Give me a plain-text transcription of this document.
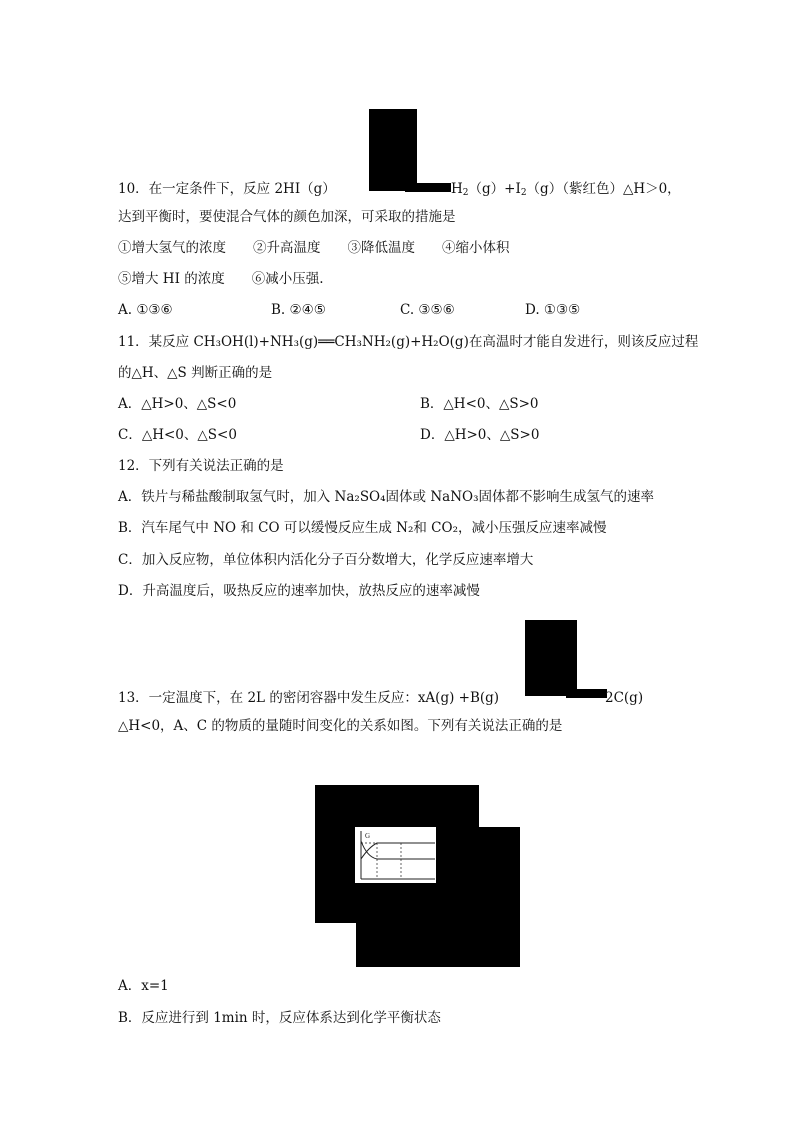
10．在一定条件下，反应 2HI（g）	$H_2(g)+I_2(g)$（紫红色）△H＞0，
达到平衡时，要使混合气体的颜色加深，可采取的措施是
①增大氢气的浓度　　②升高温度　　③降低温度　　④缩小体积
⑤增大 HI 的浓度　　⑥减小压强.
A. ①③⑥	B. ②④⑤	C. ③⑤⑥	D. ①③⑤
11．某反应 CH₃OH(l)+NH₃(g)══CH₃NH₂(g)+H₂O(g)在高温时才能自发进行，则该反应过程
的△H、△S 判断正确的是
A．△H>0、△S<0	B．△H<0、△S>0
C．△H<0、△S<0	D．△H>0、△S>0
12．下列有关说法正确的是
A．铁片与稀盐酸制取氢气时，加入 Na₂SO₄固体或 NaNO₃固体都不影响生成氢气的速率
B．汽车尾气中 NO 和 CO 可以缓慢反应生成 N₂和 CO₂，减小压强反应速率减慢
C．加入反应物，单位体积内活化分子百分数增大，化学反应速率增大
D．升高温度后，吸热反应的速率加快，放热反应的速率减慢
13．一定温度下，在 2L 的密闭容器中发生反应：xA(g) +B(g)	2C(g)
△H<0，A、C 的物质的量随时间变化的关系如图。下列有关说法正确的是
G
A．x=1
B．反应进行到 1min 时，反应体系达到化学平衡状态
